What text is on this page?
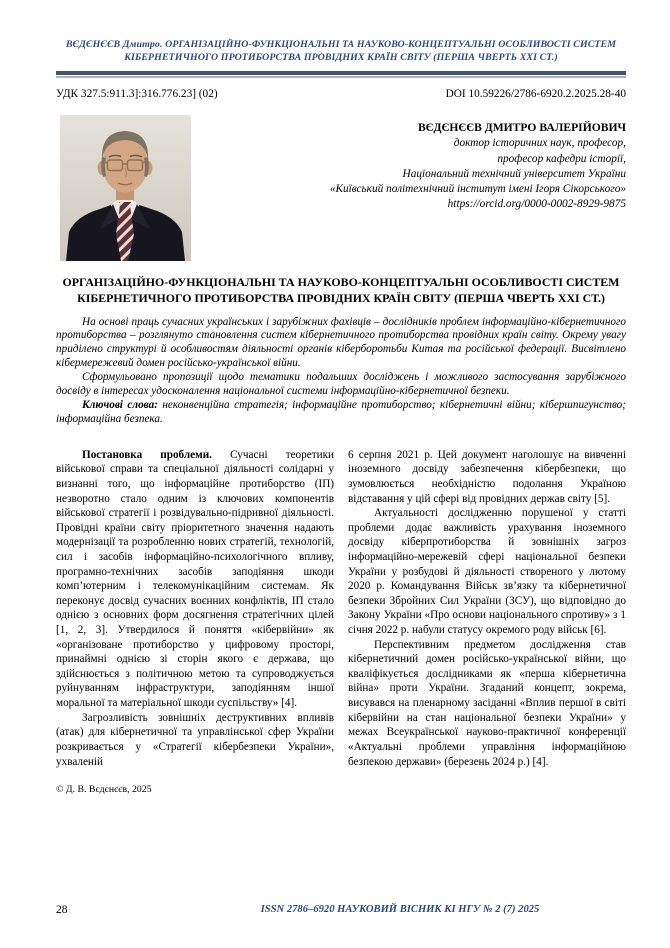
ВЄДЄНЄЄВ Дмитро. ОРГАНІЗАЦІЙНО-ФУНКЦІОНАЛЬНІ ТА НАУКОВО-КОНЦЕПТУАЛЬНІ ОСОБЛИВОСТІ СИСТЕМ КІБЕРНЕТИЧНОГО ПРОТИБОРСТВА ПРОВІДНИХ КРАЇН СВІТУ (ПЕРША ЧВЕРТЬ ХХІ СТ.)
УДК 327.5:911.3]:316.776.23] (02)	DOI 10.59226/2786-6920.2.2025.28-40
ВЄДЄНЄЄВ ДМИТРО ВАЛЕРІЙОВИЧ
доктор історичних наук, професор,
професор кафедри історії,
Національний технічний університет України
«Київський політехнічний інститут імені Ігоря Сікорського»
https://orcid.org/0000-0002-8929-9875
ОРГАНІЗАЦІЙНО-ФУНКЦІОНАЛЬНІ ТА НАУКОВО-КОНЦЕПТУАЛЬНІ ОСОБЛИВОСТІ СИСТЕМ КІБЕРНЕТИЧНОГО ПРОТИБОРСТВА ПРОВІДНИХ КРАЇН СВІТУ (ПЕРША ЧВЕРТЬ ХХІ СТ.)

На основі праць сучасних українських і зарубіжних фахівців – дослідників проблем інформаційно-кібернетичного протиборства – розглянуто становлення систем кібернетичного протиборства провідних країн світу. Окрему увагу приділено структурі й особливостям діяльності органів кіберборотьби Китая та російської федерації. Висвітлено кібермережевий домен російсько-української війни.

Сформульовано пропозиції щодо тематики подальших досліджень і можливого застосування зарубіжного досвіду в інтересах удосконалення національної системи інформаційно-кібернетичної безпеки.

Ключові слова: неконвенційна стратегія; інформаційне протиборство; кібернетичні війни; кібершпигунство; інформаційна безпека.

Постановка проблеми. Сучасні теоретики військової справи та спеціальної діяльності солідарні у визнанні того, що інформаційне протиборство (ІП) незворотно стало одним із ключових компонентів військової стратегії і розвідувально-підривної діяльності. Провідні країни світу пріоритетного значення надають модернізації та розробленню нових стратегій, технологій, сил і засобів інформаційно-психологічного впливу, програмно-технічних засобів заподіяння шкоди комп’ютерним і телекомунікаційним системам. Як переконує досвід сучасних воєнних конфліктів, ІП стало однією з основних форм досягнення стратегічних цілей [1, 2, 3]. Утвердилося й поняття «кібервійни» як «організоване протиборство у цифровому просторі, принаймні однією зі сторін якого є держава, що здійснюється з політичною метою та супроводжується руйнуванням інфраструктури, заподіянням іншої моральної та матеріальної шкоди суспільству» [4].

Загрозливість зовнішніх деструктивних впливів (атак) для кібернетичної та управлінської сфер України розкривається у «Стратегії кібербезпеки України», ухваленій

© Д. В. Вєдєнєєв, 2025

6 серпня 2021 р. Цей документ наголошує на вивченні іноземного досвіду забезпечення кібербезпеки, що зумовлюється необхідністю подолання Україною відставання у цій сфері від провідних держав світу [5].

Актуальності дослідженню порушеної у статті проблеми додає важливість урахування іноземного досвіду кіберпротиборства й зовнішніх загроз інформаційно-мережевій сфері національної безпеки України у розбудові й діяльності створеного у лютому 2020 р. Командування Військ зв’язку та кібернетичної безпеки Збройних Сил України (ЗСУ), що відповідно до Закону України «Про основи національного спротиву» з 1 січня 2022 р. набули статусу окремого роду військ [6].

Перспективним предметом дослідження став кібернетичний домен російсько-української війни, що кваліфікується дослідниками як «перша кібернетична війна» проти України. Згаданий концепт, зокрема, висувався на пленарному засіданні «Вплив першої в світі кібервійни на стан національної безпеки України» у межах Всеукраїнської науково-практичної конференції «Актуальні проблеми управління інформаційною безпекою держави» (березень 2024 р.) [4].

28	ISSN 2786–6920 НАУКОВИЙ ВІСНИК КІ НГУ № 2 (7) 2025
